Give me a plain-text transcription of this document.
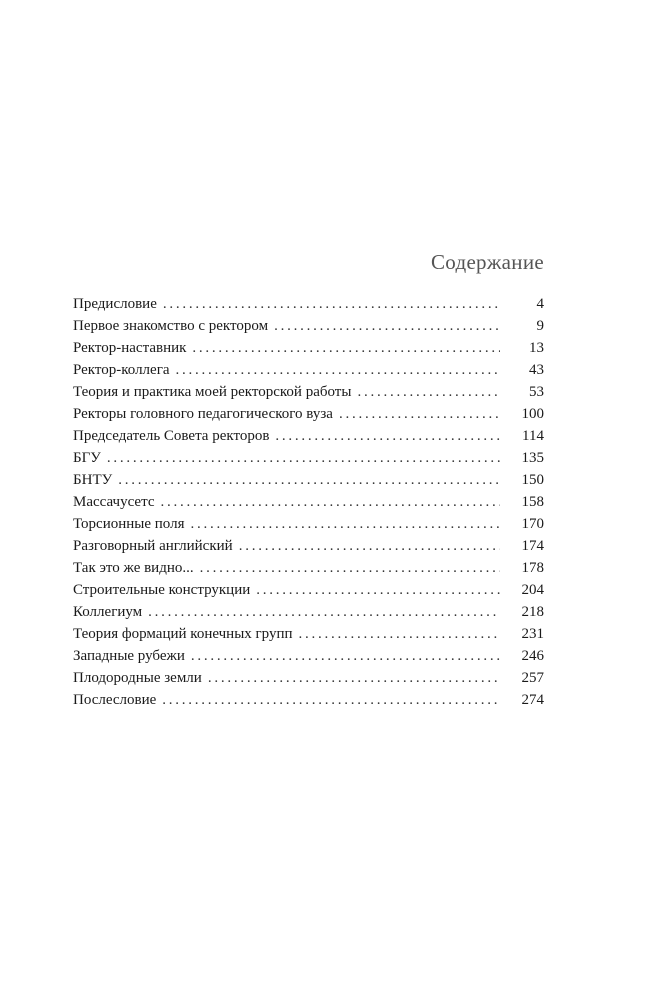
Содержание
Предисловие . . .	4
Первое знакомство с ректором . . .	9
Ректор-наставник . . .	13
Ректор-коллега . . .	43
Теория и практика моей ректорской работы . . .	53
Ректоры головного педагогического вуза . . .	100
Председатель Совета ректоров . . .	114
БГУ . . .	135
БНТУ . . .	150
Массачусетс . . .	158
Торсионные поля . . .	170
Разговорный английский . . .	174
Так это же видно... . . .	178
Строительные конструкции . . .	204
Коллегиум . . .	218
Теория формаций конечных групп . . .	231
Западные рубежи . . .	246
Плодородные земли . . .	257
Послесловие . . .	274
